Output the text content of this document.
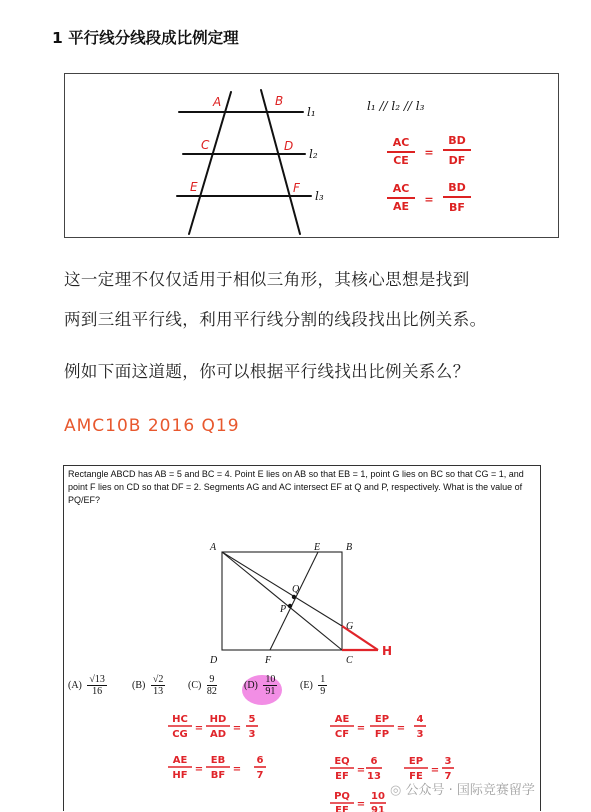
1 平行线分线段成比例定理
A	B
C	D
E	F
l₁
l₂
l₃
l₁ // l₂ // l₃
AC
CE
=
BD
DF
AC
AE
=
BD
BF
这一定理不仅仅适用于相似三角形，其核心思想是找到
两到三组平行线，利用平行线分割的线段找出比例关系。
例如下面这道题，你可以根据平行线找出比例关系么？
AMC10B 2016 Q19
Rectangle ABCD has AB = 5 and BC = 4. Point E lies on AB so that EB = 1, point G lies on BC so that CG = 1, and point F lies on CD so that DF = 2. Segments AG and AC intersect EF at Q and P, respectively. What is the value of PQ/EF?
A	B
C
D
E
F
G
P
Q
H
HC
CG
=
HD
AD
=
5
3
AE
HF
=
EB
BF
=
6
7
AE
CF
=
EP
FP
=
4
3
EQ
EF
=
6
13
EP
FE
=
3
7
PQ
EF
=
10
91
$(A) \frac{√13}{16}$	$(B) \frac{√2}{13} (C) \frac{9}{82}$	$(D) \frac{10}{91} (E) \frac{1}{9}$
◎ 公众号 · 国际竞赛留学
